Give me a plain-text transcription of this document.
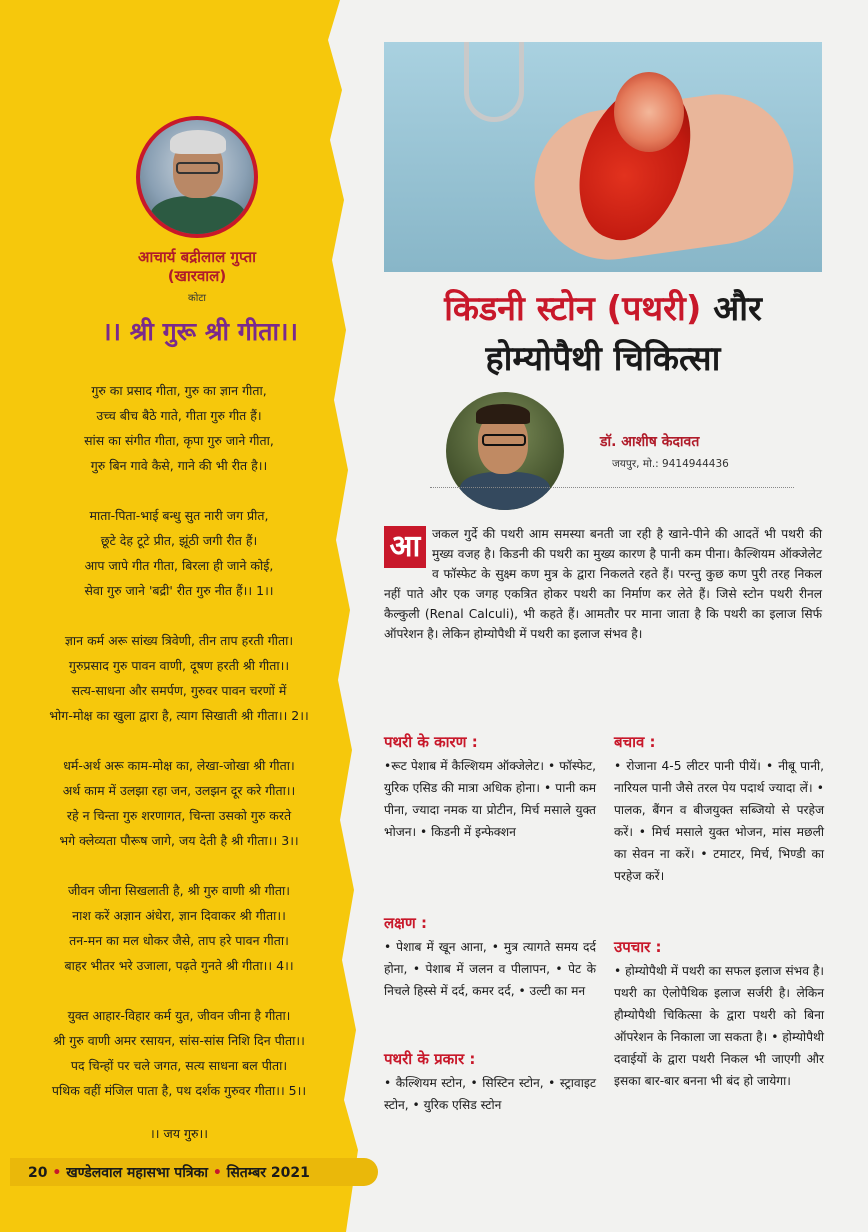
आचार्य बद्रीलाल गुप्ता
(खारवाल)
कोटा
।। श्री गुरू श्री गीता।।
गुरु का प्रसाद गीता, गुरु का ज्ञान गीता,
उच्च बीच बैठे गाते, गीता गुरु गीत हैं।
सांस का संगीत गीता, कृपा गुरु जाने गीता,
गुरु बिन गावे कैसे, गाने की भी रीत है।।
माता-पिता-भाई बन्धु सुत नारी जग प्रीत,
छूटे देह टूटे प्रीत, झूंठी जगी रीत हैं।
आप जापे गीत गीता, बिरला ही जाने कोई,
सेवा गुरु जाने 'बद्री' रीत गुरु नीत हैं।। 1।।
ज्ञान कर्म अरू सांख्य त्रिवेणी, तीन ताप हरती गीता।
गुरुप्रसाद गुरु पावन वाणी, दूषण हरती श्री गीता।।
सत्य-साधना और समर्पण, गुरुवर पावन चरणों में
भोग-मोक्ष का खुला द्वारा है, त्याग सिखाती श्री गीता।। 2।।
धर्म-अर्थ अरू काम-मोक्ष का, लेखा-जोखा श्री गीता।
अर्थ काम में उलझा रहा जन, उलझन दूर करे गीता।।
रहे न चिन्ता गुरु शरणागत, चिन्ता उसको गुरु करते
भगे क्लेव्यता पौरूष जागे, जय देती है श्री गीता।। 3।।
जीवन जीना सिखलाती है, श्री गुरु वाणी श्री गीता।
नाश करें अज्ञान अंधेरा, ज्ञान दिवाकर श्री गीता।।
तन-मन का मल धोकर जैसे, ताप हरे पावन गीता।
बाहर भीतर भरे उजाला, पढ़ते गुनते श्री गीता।। 4।।
युक्त आहार-विहार कर्म युत, जीवन जीना है गीता।
श्री गुरु वाणी अमर रसायन, सांस-सांस निशि दिन पीता।।
पद चिन्हों पर चले जगत, सत्य साधना बल पीता।
पथिक वहीं मंजिल पाता है, पथ दर्शक गुरुवर गीता।। 5।।
।। जय गुरु।।
20 • खण्डेलवाल महासभा पत्रिका • सितम्बर 2021
किडनी स्टोन (पथरी) और
होम्योपैथी चिकित्सा
डॉ. आशीष केदावत
जयपुर, मो.: 9414944436
आ जकल गुर्दे की पथरी आम समस्या बनती जा रही है खाने-पीने की आदतें भी पथरी की मुख्य वजह है। किडनी की पथरी का मुख्य कारण है पानी कम पीना। कैल्शियम ऑक्जेलेट व फॉस्फेट के सुक्ष्म कण मुत्र के द्वारा निकलते रहते हैं। परन्तु कुछ कण पुरी तरह निकल नहीं पाते और एक जगह एकत्रित होकर पथरी का निर्माण कर लेते हैं। जिसे स्टोन पथरी रीनल कैल्कुली (Renal Calculi), भी कहते हैं। आमतौर पर माना जाता है कि पथरी का इलाज सिर्फ ऑपरेशन है। लेकिन होम्योपैथी में पथरी का इलाज संभव है।
पथरी के कारण :
•रूट पेशाब में कैल्शियम ऑक्जेलेट। • फॉस्फेट, युरिक एसिड की मात्रा अधिक होना। • पानी कम पीना, ज्यादा नमक या प्रोटीन, मिर्च मसाले युक्त भोजन। • किडनी में इन्फेक्शन
लक्षण :
• पेशाब में खून आना, • मुत्र त्यागते समय दर्द होना, • पेशाब में जलन व पीलापन, • पेट के निचले हिस्से में दर्द, कमर दर्द, • उल्टी का मन
पथरी के प्रकार :
• कैल्शियम स्टोन, • सिस्टिन स्टोन, • स्ट्रावाइट स्टोन, • युरिक एसिड स्टोन
बचाव :
• रोजाना 4-5 लीटर पानी पीयें। • नीबू पानी, नारियल पानी जैसे तरल पेय पदार्थ ज्यादा लें। • पालक, बैंगन व बीजयुक्त सब्जियो से परहेज करें। • मिर्च मसाले युक्त भोजन, मांस मछली का सेवन ना करें। • टमाटर, मिर्च, भिण्डी का परहेज करें।
उपचार :
• होम्योपैथी में पथरी का सफल इलाज संभव है। पथरी का ऐलोपैथिक इलाज सर्जरी है। लेकिन हौम्योपैथी चिकित्सा के द्वारा पथरी को बिना ऑपरेशन के निकाला जा सकता है। • होम्योपैथी दवाईयों के द्वारा पथरी निकल भी जाएगी और इसका बार-बार बनना भी बंद हो जायेगा।
